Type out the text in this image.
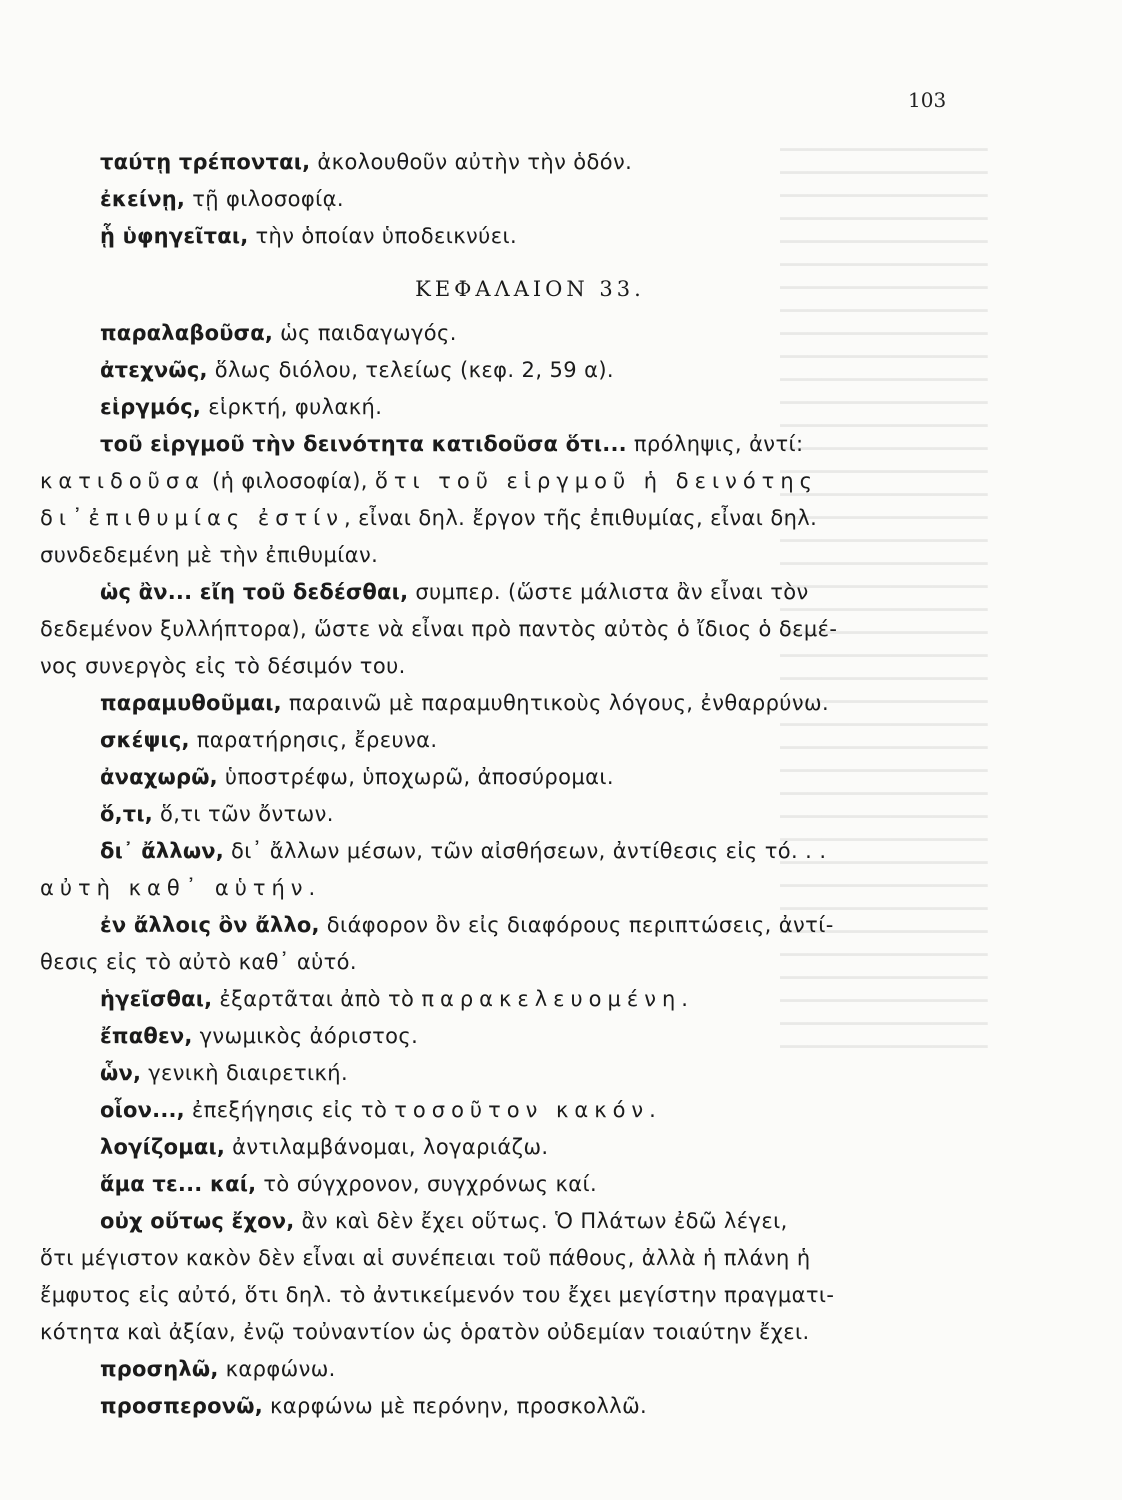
▔▔▔▔▔▔▔▔▔▔▔▔▔▔▔
▔▔▔▔▔▔▔▔▔▔▔▔▔▔▔
▔▔▔▔▔▔▔▔▔▔▔▔▔▔▔
▔▔▔▔▔▔▔▔▔▔▔▔▔▔▔
▔▔▔▔▔▔▔▔▔▔▔▔▔▔▔
▔▔▔▔▔▔▔▔▔▔▔▔▔▔▔
▔▔▔▔▔▔▔▔▔▔▔▔▔▔▔
▔▔▔▔▔▔▔▔▔▔▔▔▔▔▔
▔▔▔▔▔▔▔▔▔▔▔▔▔▔▔
▔▔▔▔▔▔▔▔▔▔▔▔▔▔▔
▔▔▔▔▔▔▔▔▔▔▔▔▔▔▔
▔▔▔▔▔▔▔▔▔▔▔▔▔▔▔
▔▔▔▔▔▔▔▔▔▔▔▔▔▔▔
▔▔▔▔▔▔▔▔▔▔▔▔▔▔▔
▔▔▔▔▔▔▔▔▔▔▔▔▔▔▔
▔▔▔▔▔▔▔▔▔▔▔▔▔▔▔
▔▔▔▔▔▔▔▔▔▔▔▔▔▔▔
▔▔▔▔▔▔▔▔▔▔▔▔▔▔▔
▔▔▔▔▔▔▔▔▔▔▔▔▔▔▔
▔▔▔▔▔▔▔▔▔▔▔▔▔▔▔
▔▔▔▔▔▔▔▔▔▔▔▔▔▔▔
▔▔▔▔▔▔▔▔▔▔▔▔▔▔▔
▔▔▔▔▔▔▔▔▔▔▔▔▔▔▔
▔▔▔▔▔▔▔▔▔▔▔▔▔▔▔
▔▔▔▔▔▔▔▔▔▔▔▔▔▔▔
▔▔▔▔▔▔▔▔▔▔▔▔▔▔▔
▔▔▔▔▔▔▔▔▔▔▔▔▔▔▔
▔▔▔▔▔▔▔▔▔▔▔▔▔▔▔
▔▔▔▔▔▔▔▔▔▔▔▔▔▔▔
▔▔▔▔▔▔▔▔▔▔▔▔▔▔▔
▔▔▔▔▔▔▔▔▔▔▔▔▔▔▔
▔▔▔▔▔▔▔▔▔▔▔▔▔▔▔
▔▔▔▔▔▔▔▔▔▔▔▔▔▔▔
▔▔▔▔▔▔▔▔▔▔▔▔▔▔▔
▔▔▔▔▔▔▔▔▔▔▔▔▔▔▔
▔▔▔▔▔▔▔▔▔▔▔▔▔▔▔
▔▔▔▔▔▔▔▔▔▔▔▔▔▔▔
▔▔▔▔▔▔▔▔▔▔▔▔▔▔▔
▔▔▔▔▔▔▔▔▔▔▔▔▔▔▔
▔▔▔▔▔▔▔▔▔▔▔▔▔▔▔

103
ταύτῃ τρέπονται, ἀκολουθοῦν αὐτὴν τὴν ὁδόν.
ἐκείνῃ, τῇ φιλοσοφίᾳ.
ᾗ ὑφηγεῖται, τὴν ὁποίαν ὑποδεικνύει.
ΚΕΦΑΛΑΙΟΝ 33.
παραλαβοῦσα, ὡς παιδαγωγός.
ἀτεχνῶς, ὅλως διόλου, τελείως (κεφ. 2, 59 α).
εἱργμός, εἱρκτή, φυλακή.
τοῦ εἱργμοῦ τὴν δεινότητα κατιδοῦσα ὅτι... πρόληψις, ἀντί:
κατιδοῦσα (ἡ φιλοσοφία), ὅτι τοῦ εἱργμοῦ ἡ δεινότης
δι᾿ἐπιθυμίας ἐστίν, εἶναι δηλ. ἔργον τῆς ἐπιθυμίας, εἶναι δηλ.
συνδεδεμένη μὲ τὴν ἐπιθυμίαν.
ὡς ἂν... εἴη τοῦ δεδέσθαι, συμπερ. (ὥστε μάλιστα ἂν εἶναι τὸν
δεδεμένον ξυλλήπτορα), ὥστε νὰ εἶναι πρὸ παντὸς αὐτὸς ὁ ἴδιος ὁ δεμέ-
νος συνεργὸς εἰς τὸ δέσιμόν του.
παραμυθοῦμαι, παραινῶ μὲ παραμυθητικοὺς λόγους, ἐνθαρρύνω.
σκέψις, παρατήρησις, ἔρευνα.
ἀναχωρῶ, ὑποστρέφω, ὑποχωρῶ, ἀποσύρομαι.
ὅ,τι, ὅ,τι τῶν ὄντων.
δι᾿ ἄλλων, δι᾿ ἄλλων μέσων, τῶν αἰσθήσεων, ἀντίθεσις εἰς τό. . .
αὐτὴ καθ᾿ αὑτήν.
ἐν ἄλλοις ὂν ἄλλο, διάφορον ὂν εἰς διαφόρους περιπτώσεις, ἀντί-
θεσις εἰς τὸ αὐτὸ καθ᾿ αὑτό.
ἡγεῖσθαι, ἐξαρτᾶται ἀπὸ τὸ παρακελευομένη.
ἔπαθεν, γνωμικὸς ἀόριστος.
ὧν, γενικὴ διαιρετική.
οἷον..., ἐπεξήγησις εἰς τὸ τοσοῦτον κακόν.
λογίζομαι, ἀντιλαμβάνομαι, λογαριάζω.
ἅμα τε... καί, τὸ σύγχρονον, συγχρόνως καί.
οὐχ οὕτως ἔχον, ἂν καὶ δὲν ἔχει οὕτως. Ὁ Πλάτων ἐδῶ λέγει,
ὅτι μέγιστον κακὸν δὲν εἶναι αἱ συνέπειαι τοῦ πάθους, ἀλλὰ ἡ πλάνη ἡ
ἔμφυτος εἰς αὐτό, ὅτι δηλ. τὸ ἀντικείμενόν του ἔχει μεγίστην πραγματι-
κότητα καὶ ἀξίαν, ἐνῷ τοὐναντίον ὡς ὁρατὸν οὐδεμίαν τοιαύτην ἔχει.
προσηλῶ, καρφώνω.
προσπερονῶ, καρφώνω μὲ περόνην, προσκολλῶ.
